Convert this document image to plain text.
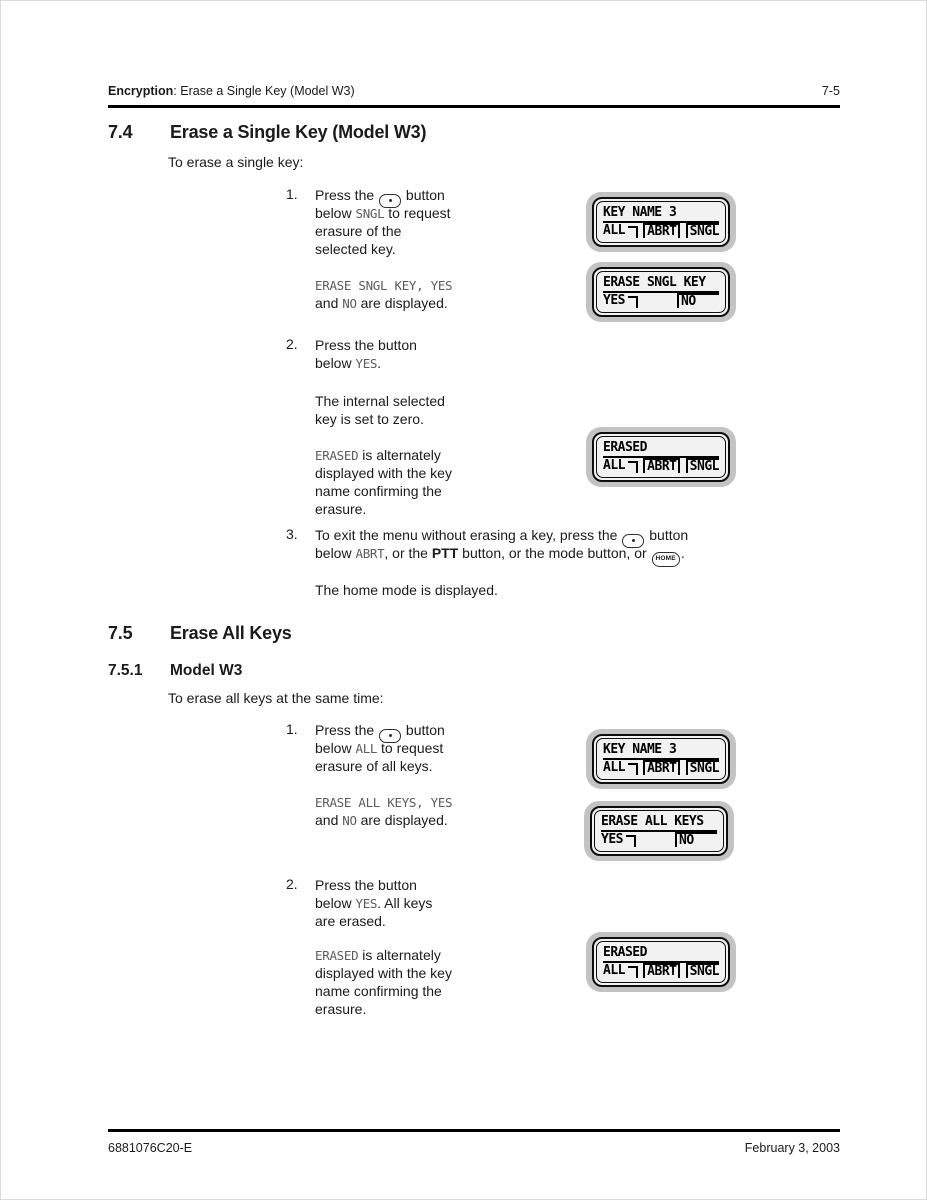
Encryption: Erase a Single Key (Model W3)	7-5
7.4 Erase a Single Key (Model W3)
To erase a single key:
1. Press the
button
below SNGL to request
erasure of the
selected key.
ERASE SNGL KEY, YES
and NO are displayed.
KEY NAME 3
ALL	ABRT	SNGL
ERASE SNGL KEY
YES	NO
2. Press the button
below YES.
The internal selected
key is set to zero.
ERASED is alternately
displayed with the key
name confirming the
erasure.
ERASED
ALL	ABRT	SNGL
3. To exit the menu without erasing a key, press the
button
below ABRT, or the PTT button, or the mode button, or HOME .
The home mode is displayed.
7.5 Erase All Keys
7.5.1 Model W3
To erase all keys at the same time:
1. Press the
button
below ALL to request
erasure of all keys.
ERASE ALL KEYS, YES
and NO are displayed.
KEY NAME 3
ALL	ABRT	SNGL
ERASE ALL KEYS
YES	NO
2. Press the button
below YES. All keys
are erased.
ERASED is alternately
displayed with the key
name confirming the
erasure.
ERASED
ALL	ABRT	SNGL
6881076C20-E	February 3, 2003
